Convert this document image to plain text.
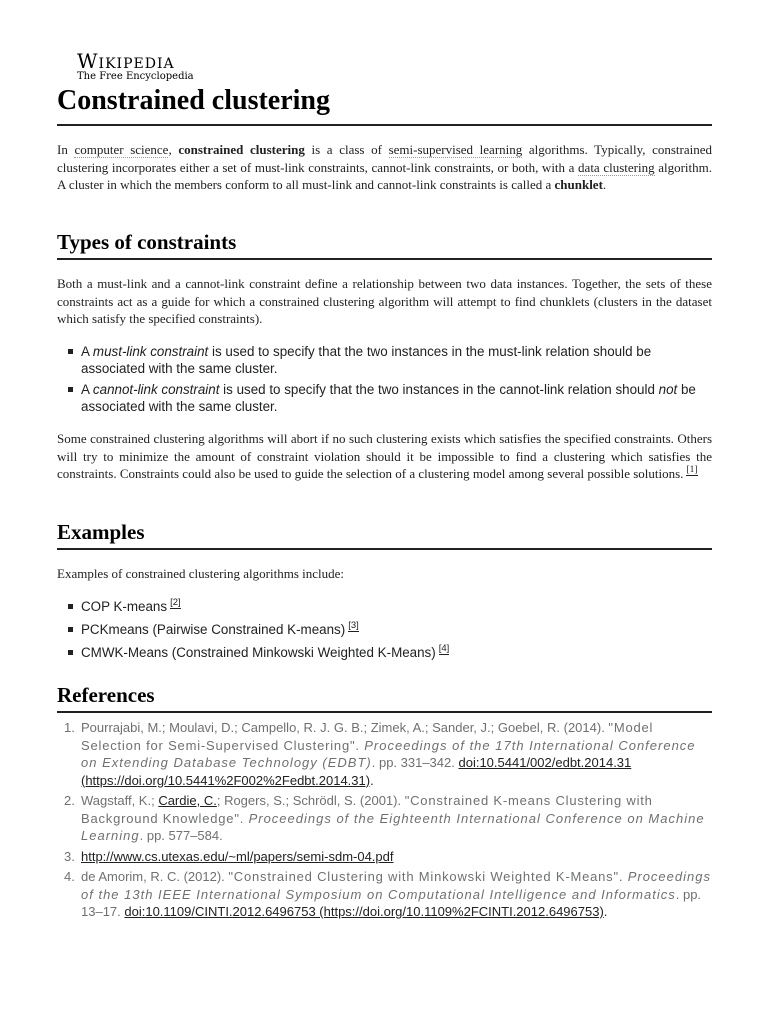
Wikipedia
The Free Encyclopedia
Constrained clustering

In computer science, constrained clustering is a class of semi-supervised learning algorithms. Typically, constrained clustering incorporates either a set of must-link constraints, cannot-link constraints, or both, with a data clustering algorithm. A cluster in which the members conform to all must-link and cannot-link constraints is called a chunklet.

Types of constraints

Both a must-link and a cannot-link constraint define a relationship between two data instances. Together, the sets of these constraints act as a guide for which a constrained clustering algorithm will attempt to find chunklets (clusters in the dataset which satisfy the specified constraints).

A must-link constraint is used to specify that the two instances in the must-link relation should be associated with the same cluster.
A cannot-link constraint is used to specify that the two instances in the cannot-link relation should not be associated with the same cluster.

Some constrained clustering algorithms will abort if no such clustering exists which satisfies the specified constraints. Others will try to minimize the amount of constraint violation should it be impossible to find a clustering which satisfies the constraints. Constraints could also be used to guide the selection of a clustering model among several possible solutions. [1]

Examples

Examples of constrained clustering algorithms include:

COP K-means [2]
PCKmeans (Pairwise Constrained K-means) [3]
CMWK-Means (Constrained Minkowski Weighted K-Means) [4]
References
1. Pourrajabi, M.; Moulavi, D.; Campello, R. J. G. B.; Zimek, A.; Sander, J.; Goebel, R. (2014). "Model Selection for Semi-Supervised Clustering". Proceedings of the 17th International Conference on Extending Database Technology (EDBT). pp. 331–342. doi:10.5441/002/edbt.2014.31 (https://doi.org/10.5441%2F002%2Fedbt.2014.31).
2. Wagstaff, K.; Cardie, C.; Rogers, S.; Schrödl, S. (2001). "Constrained K-means Clustering with Background Knowledge". Proceedings of the Eighteenth International Conference on Machine Learning. pp. 577–584.
3. http://www.cs.utexas.edu/~ml/papers/semi-sdm-04.pdf
4. de Amorim, R. C. (2012). "Constrained Clustering with Minkowski Weighted K-Means". Proceedings of the 13th IEEE International Symposium on Computational Intelligence and Informatics. pp. 13–17. doi:10.1109/CINTI.2012.6496753 (https://doi.org/10.1109%2FCINTI.2012.6496753).
